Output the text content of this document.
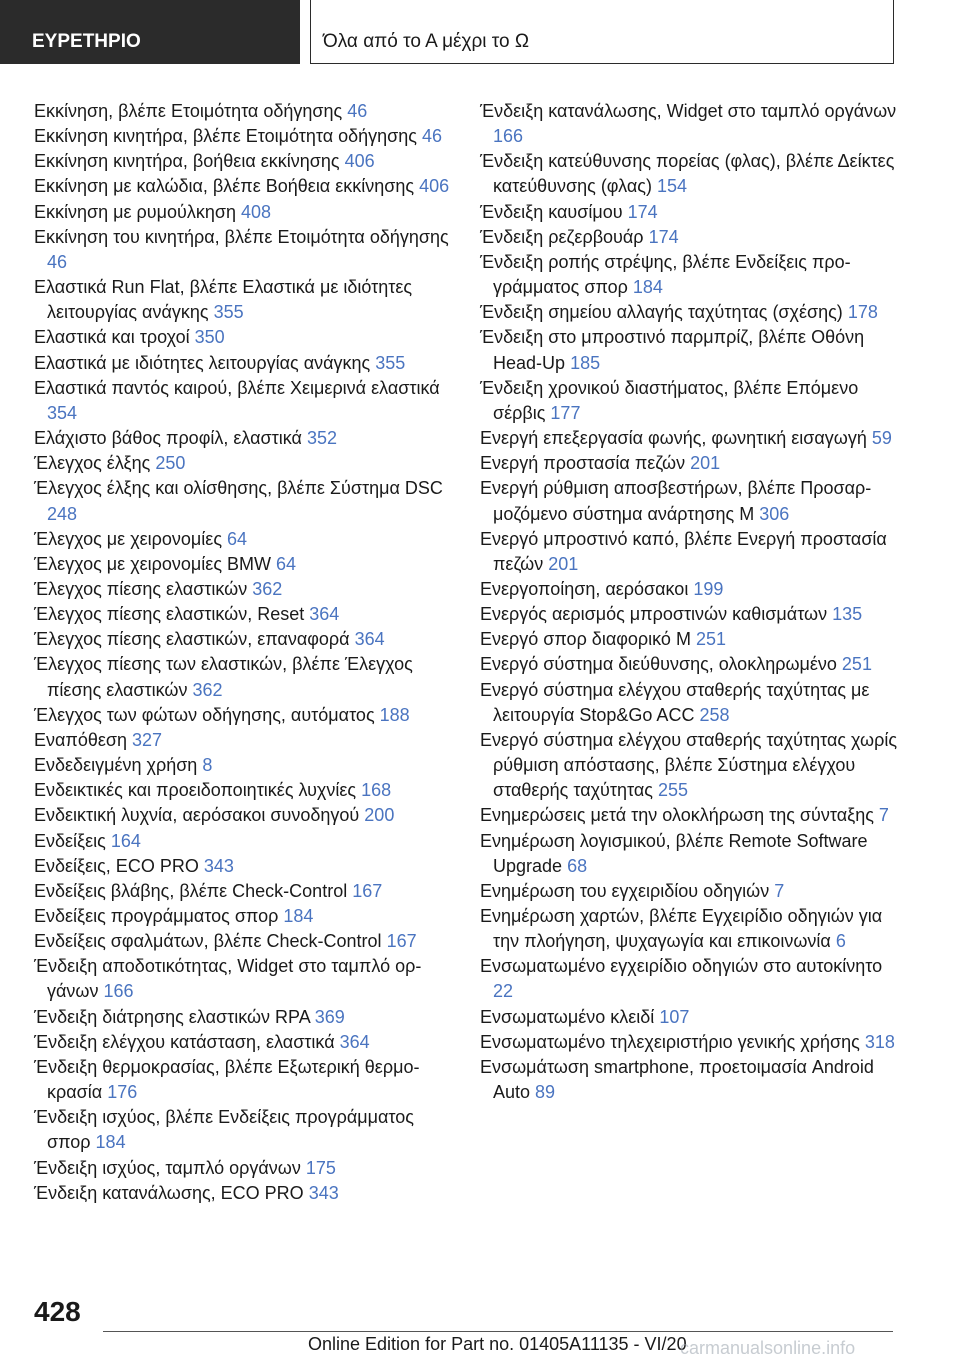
ΕΥΡΕΤΗΡΙΟ	Όλα από το Α μέχρι το Ω
Εκκίνηση, βλέπε Ετοιμότητα οδήγησης 46
Εκκίνηση κινητήρα, βλέπε Ετοιμότητα οδήγησης 46
Εκκίνηση κινητήρα, βοήθεια εκκίνησης 406
Εκκίνηση με καλώδια, βλέπε Βοήθεια εκκίνησης 406
Εκκίνηση με ρυμούλκηση 408
Εκκίνηση του κινητήρα, βλέπε Ετοιμότητα οδήγησης 46
Ελαστικά Run Flat, βλέπε Ελαστικά με ιδιότητες λειτουργίας ανάγκης 355
Ελαστικά και τροχοί 350
Ελαστικά με ιδιότητες λειτουργίας ανάγκης 355
Ελαστικά παντός καιρού, βλέπε Χειμερινά ελαστικά 354
Ελάχιστο βάθος προφίλ, ελαστικά 352
Έλεγχος έλξης 250
Έλεγχος έλξης και ολίσθησης, βλέπε Σύστημα DSC 248
Έλεγχος με χειρονομίες 64
Έλεγχος με χειρονομίες BMW 64
Έλεγχος πίεσης ελαστικών 362
Έλεγχος πίεσης ελαστικών, Reset 364
Έλεγχος πίεσης ελαστικών, επαναφορά 364
Έλεγχος πίεσης των ελαστικών, βλέπε Έλεγχος πίεσης ελαστικών 362
Έλεγχος των φώτων οδήγησης, αυτόματος 188
Εναπόθεση 327
Ενδεδειγμένη χρήση 8
Ενδεικτικές και προειδοποιητικές λυχνίες 168
Ενδεικτική λυχνία, αερόσακοι συνοδηγού 200
Ενδείξεις 164
Ενδείξεις, ECO PRO 343
Ενδείξεις βλάβης, βλέπε Check-Control 167
Ενδείξεις προγράμματος σπορ 184
Ενδείξεις σφαλμάτων, βλέπε Check-Control 167
Ένδειξη αποδοτικότητας, Widget στο ταμπλό οργάνων 166
Ένδειξη διάτρησης ελαστικών RPA 369
Ένδειξη ελέγχου κατάσταση, ελαστικά 364
Ένδειξη θερμοκρασίας, βλέπε Εξωτερική θερμοκρασία 176
Ένδειξη ισχύος, βλέπε Ενδείξεις προγράμματος σπορ 184
Ένδειξη ισχύος, ταμπλό οργάνων 175
Ένδειξη κατανάλωσης, ECO PRO 343
Ένδειξη κατανάλωσης, Widget στο ταμπλό οργάνων 166
Ένδειξη κατεύθυνσης πορείας (φλας), βλέπε Δείκτες κατεύθυνσης (φλας) 154
Ένδειξη καυσίμου 174
Ένδειξη ρεζερβουάρ 174
Ένδειξη ροπής στρέψης, βλέπε Ενδείξεις προγράμματος σπορ 184
Ένδειξη σημείου αλλαγής ταχύτητας (σχέσης) 178
Ένδειξη στο μπροστινό παρμπρίζ, βλέπε Οθόνη Head-Up 185
Ένδειξη χρονικού διαστήματος, βλέπε Επόμενο σέρβις 177
Ενεργή επεξεργασία φωνής, φωνητική εισαγωγή 59
Ενεργή προστασία πεζών 201
Ενεργή ρύθμιση αποσβεστήρων, βλέπε Προσαρμοζόμενο σύστημα ανάρτησης M 306
Ενεργό μπροστινό καπό, βλέπε Ενεργή προστασία πεζών 201
Ενεργοποίηση, αερόσακοι 199
Ενεργός αερισμός μπροστινών καθισμάτων 135
Ενεργό σπορ διαφορικό M 251
Ενεργό σύστημα διεύθυνσης, ολοκληρωμένο 251
Ενεργό σύστημα ελέγχου σταθερής ταχύτητας με λειτουργία Stop&Go ACC 258
Ενεργό σύστημα ελέγχου σταθερής ταχύτητας χωρίς ρύθμιση απόστασης, βλέπε Σύστημα ελέγχου σταθερής ταχύτητας 255
Ενημερώσεις μετά την ολοκλήρωση της σύνταξης 7
Ενημέρωση λογισμικού, βλέπε Remote Software Upgrade 68
Ενημέρωση του εγχειριδίου οδηγιών 7
Ενημέρωση χαρτών, βλέπε Εγχειρίδιο οδηγιών για την πλοήγηση, ψυχαγωγία και επικοινωνία 6
Ενσωματωμένο εγχειρίδιο οδηγιών στο αυτοκίνητο 22
Ενσωματωμένο κλειδί 107
Ενσωματωμένο τηλεχειριστήριο γενικής χρήσης 318
Ενσωμάτωση smartphone, προετοιμασία Android Auto 89
428
Online Edition for Part no. 01405A11135 - VI/20
carmanualsonline.info
